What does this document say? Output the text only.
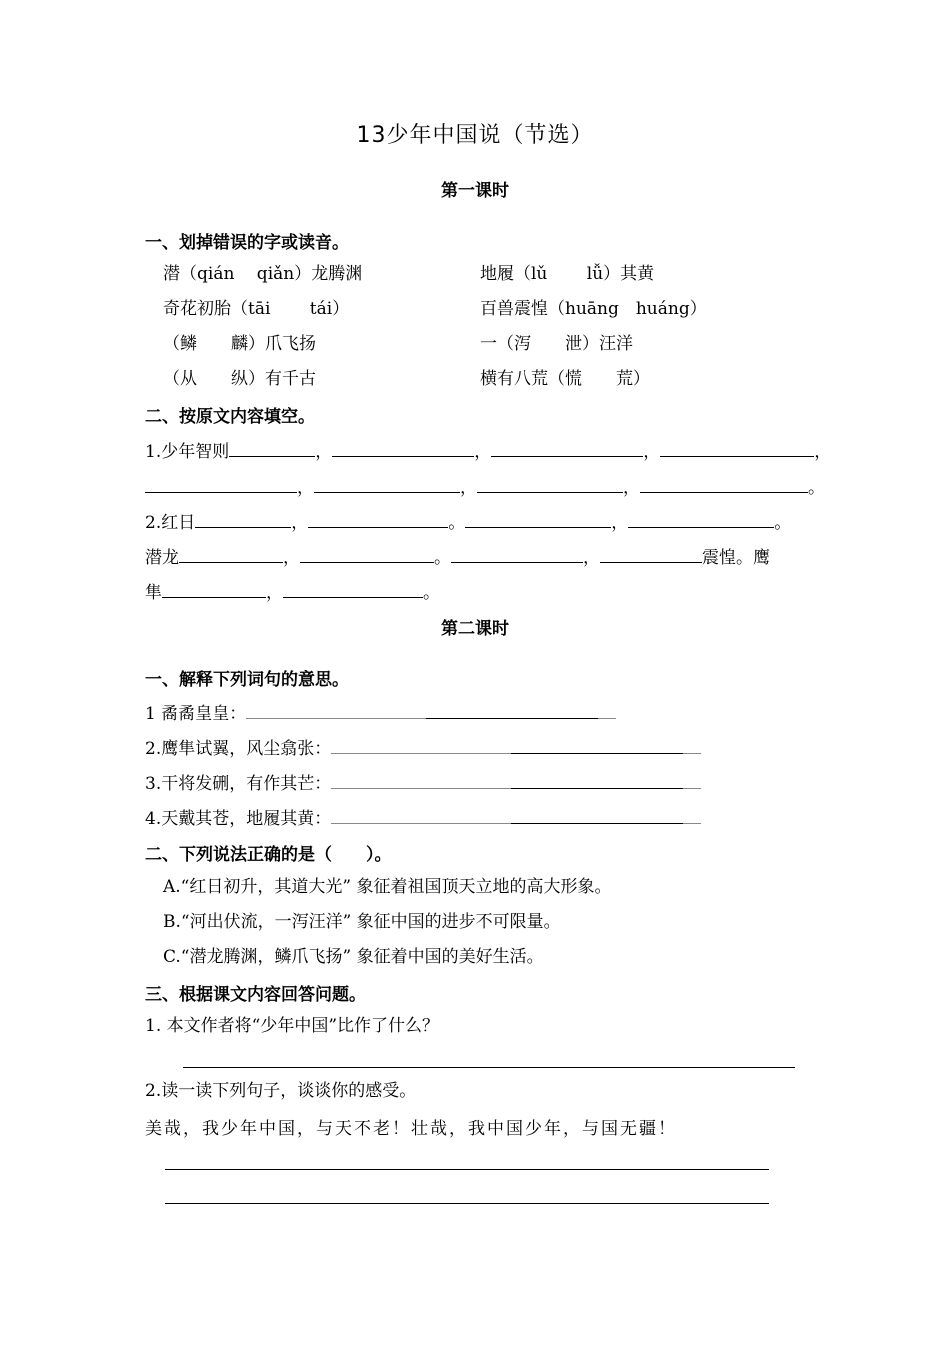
13少年中国说（节选）
第一课时
一、划掉错误的字或读音。
潜（qián　 qiǎn）龙腾渊	地履（lǔ　　 lǚ）其黄
奇花初胎（tāi　　 tái）	百兽震惶（huāng　huáng）
（鳞　　麟）爪飞扬	一（泻　　泄）汪洋
（从　　纵）有千古	横有八荒（慌　　荒）
二、按原文内容填空。
1.少年智则	，	，	，	，
，	，	，	。
2.红日	，	。	，	。
潜龙	，	。	，	震惶。鹰
隼	，	。
第二课时
一、解释下列词句的意思。
1 矞矞皇皇：
2.鹰隼试翼，风尘翕张：
3.干将发硎，有作其芒：
4.天戴其苍，地履其黄：
二、下列说法正确的是（　　）。
A.“红日初升，其道大光” 象征着祖国顶天立地的高大形象。
B.“河出伏流，一泻汪洋” 象征中国的进步不可限量。
C.“潜龙腾渊，鳞爪飞扬” 象征着中国的美好生活。
三、根据课文内容回答问题。
1. 本文作者将“少年中国”比作了什么？
2.读一读下列句子，谈谈你的感受。
美哉，我少年中国，与天不老！壮哉，我中国少年，与国无疆！
